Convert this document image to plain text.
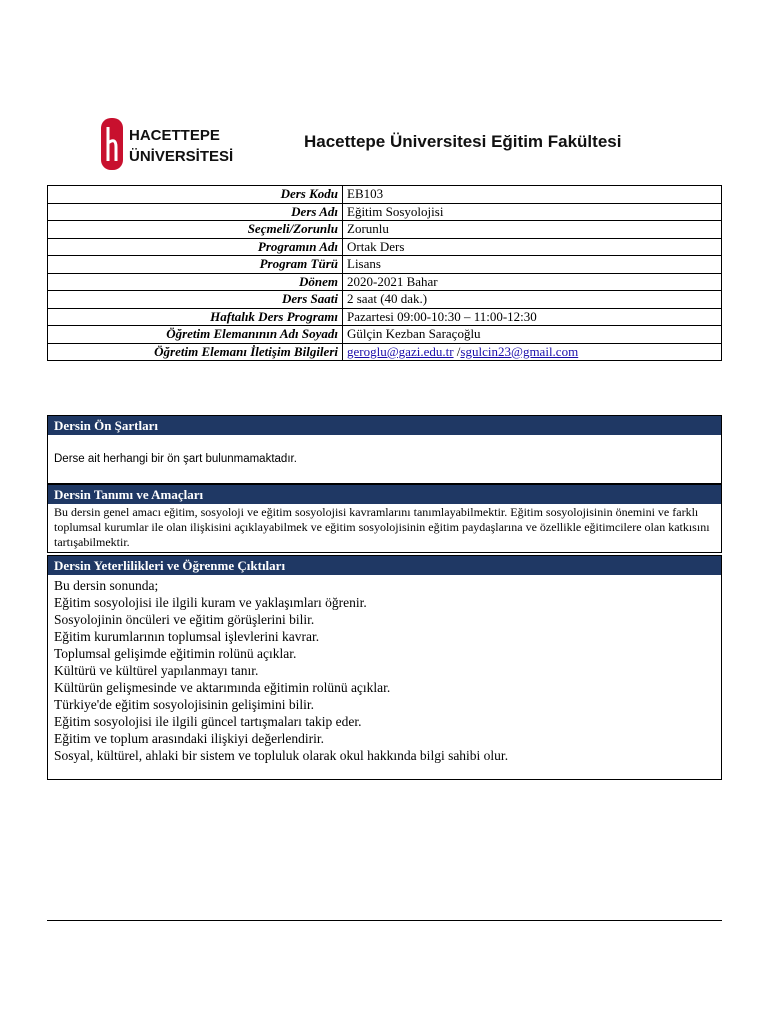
HACETTEPE
ÜNİVERSİTESİ
Hacettepe Üniversitesi Eğitim Fakültesi
Ders Kodu	EB103
Ders Adı	Eğitim Sosyolojisi
Seçmeli/Zorunlu	Zorunlu
Programın Adı	Ortak Ders
Program Türü	Lisans
Dönem	2020-2021 Bahar
Ders Saati	2 saat (40 dak.)
Haftalık Ders Programı	Pazartesi 09:00-10:30 – 11:00-12:30
Öğretim Elemanının Adı Soyadı	Gülçin Kezban Saraçoğlu
Öğretim Elemanı İletişim Bilgileri	geroglu@gazi.edu.tr /sgulcin23@gmail.com
Dersin Ön Şartları
Derse ait herhangi bir ön şart bulunmamaktadır.
Dersin Tanımı ve Amaçları
Bu dersin genel amacı eğitim, sosyoloji ve eğitim sosyolojisi kavramlarını tanımlayabilmektir. Eğitim sosyolojisinin önemini ve farklı toplumsal kurumlar ile olan ilişkisini açıklayabilmek ve eğitim sosyolojisinin eğitim paydaşlarına ve özellikle eğitimcilere olan katkısını tartışabilmektir.
Dersin Yeterlilikleri ve Öğrenme Çıktıları
Bu dersin sonunda;
Eğitim sosyolojisi ile ilgili kuram ve yaklaşımları öğrenir.
Sosyolojinin öncüleri ve eğitim görüşlerini bilir.
Eğitim kurumlarının toplumsal işlevlerini kavrar.
Toplumsal gelişimde eğitimin rolünü açıklar.
Kültürü ve kültürel yapılanmayı tanır.
Kültürün gelişmesinde ve aktarımında eğitimin rolünü açıklar.
Türkiye'de eğitim sosyolojisinin gelişimini bilir.
Eğitim sosyolojisi ile ilgili güncel tartışmaları takip eder.
Eğitim ve toplum arasındaki ilişkiyi değerlendirir.
Sosyal, kültürel, ahlaki bir sistem ve topluluk olarak okul hakkında bilgi sahibi olur.
